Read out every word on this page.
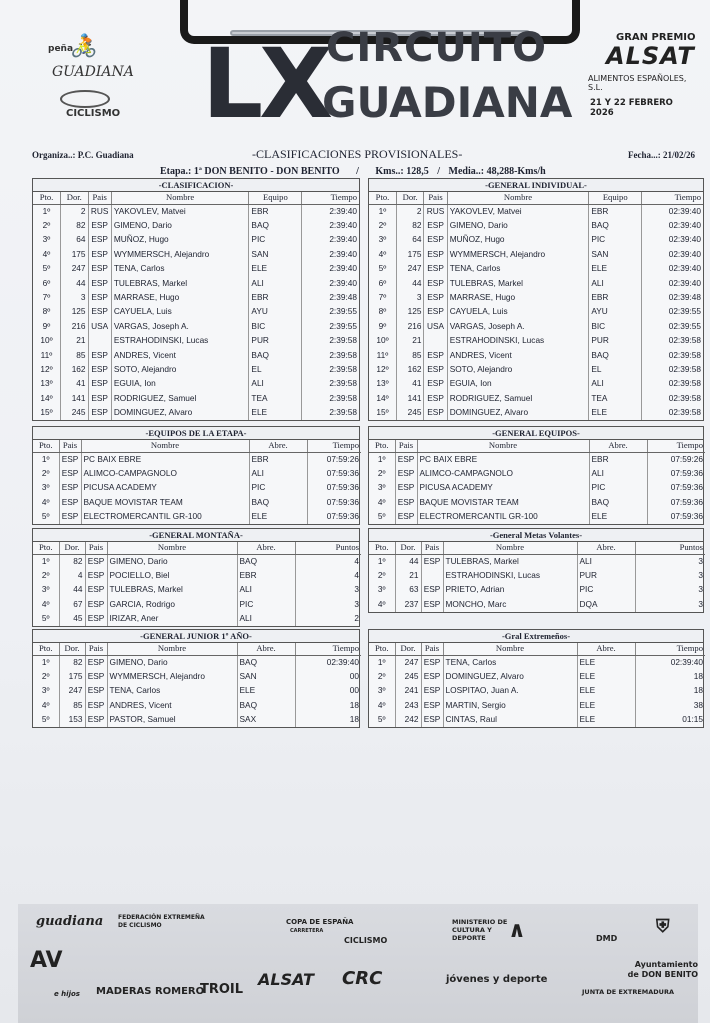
peña
🚴
GUADIANA
CICLISMO LX
CIRCUITO
GUADIANA
GRAN PREMIO
ALSAT
ALIMENTOS ESPAÑOLES, S.L.
21 Y 22 FEBRERO 2026
Organiza..: P.C. Guadiana	-CLASIFICACIONES PROVISIONALES-	Fecha...: 21/02/26
Etapa.: 1ª DON BENITO - DON BENITO / Kms..: 128,5 / Media..: 48,288-Kms/h
-CLASIFICACION-
Pto.	Dor.	Pais	Nombre	Equipo	Tiempo
1º	2	RUS	YAKOVLEV, Matvei	EBR	2:39:40
2º	82	ESP	GIMENO, Dario	BAQ	2:39:40
3º	64	ESP	MUÑOZ, Hugo	PIC	2:39:40
4º	175	ESP	WYMMERSCH, Alejandro	SAN	2:39:40
5º	247	ESP	TENA, Carlos	ELE	2:39:40
6º	44	ESP	TULEBRAS, Markel	ALI	2:39:40
7º	3	ESP	MARRASE, Hugo	EBR	2:39:48
8º	125	ESP	CAYUELA, Luis	AYU	2:39:55
9º	216	USA	VARGAS, Joseph A.	BIC	2:39:55
10º	21		ESTRAHODINSKI, Lucas	PUR	2:39:58
11º	85	ESP	ANDRES, Vicent	BAQ	2:39:58
12º	162	ESP	SOTO, Alejandro	EL	2:39:58
13º	41	ESP	EGUIA, Ion	ALI	2:39:58
14º	141	ESP	RODRIGUEZ, Samuel	TEA	2:39:58
15º	245	ESP	DOMINGUEZ, Alvaro	ELE	2:39:58
-GENERAL INDIVIDUAL-
Pto.	Dor.	Pais	Nombre	Equipo	Tiempo
1º	2	RUS	YAKOVLEV, Matvei	EBR	02:39:40
2º	82	ESP	GIMENO, Dario	BAQ	02:39:40
3º	64	ESP	MUÑOZ, Hugo	PIC	02:39:40
4º	175	ESP	WYMMERSCH, Alejandro	SAN	02:39:40
5º	247	ESP	TENA, Carlos	ELE	02:39:40
6º	44	ESP	TULEBRAS, Markel	ALI	02:39:40
7º	3	ESP	MARRASE, Hugo	EBR	02:39:48
8º	125	ESP	CAYUELA, Luis	AYU	02:39:55
9º	216	USA	VARGAS, Joseph A.	BIC	02:39:55
10º	21		ESTRAHODINSKI, Lucas	PUR	02:39:58
11º	85	ESP	ANDRES, Vicent	BAQ	02:39:58
12º	162	ESP	SOTO, Alejandro	EL	02:39:58
13º	41	ESP	EGUIA, Ion	ALI	02:39:58
14º	141	ESP	RODRIGUEZ, Samuel	TEA	02:39:58
15º	245	ESP	DOMINGUEZ, Alvaro	ELE	02:39:58
-EQUIPOS DE LA ETAPA-
Pto.	Pais	Nombre	Abre.	Tiempo
1º	ESP	PC BAIX EBRE	EBR	07:59:26
2º	ESP	ALIMCO-CAMPAGNOLO	ALI	07:59:36
3º	ESP	PICUSA ACADEMY	PIC	07:59:36
4º	ESP	BAQUE MOVISTAR TEAM	BAQ	07:59:36
5º	ESP	ELECTROMERCANTIL GR-100	ELE	07:59:36
-GENERAL EQUIPOS-
Pto.	Pais	Nombre	Abre.	Tiempo
1º	ESP	PC BAIX EBRE	EBR	07:59:26
2º	ESP	ALIMCO-CAMPAGNOLO	ALI	07:59:36
3º	ESP	PICUSA ACADEMY	PIC	07:59:36
4º	ESP	BAQUE MOVISTAR TEAM	BAQ	07:59:36
5º	ESP	ELECTROMERCANTIL GR-100	ELE	07:59:36
-GENERAL MONTAÑA-
Pto.	Dor.	Pais	Nombre	Abre.	Puntos
1º	82	ESP	GIMENO, Dario	BAQ	4
2º	4	ESP	POCIELLO, Biel	EBR	4
3º	44	ESP	TULEBRAS, Markel	ALI	3
4º	67	ESP	GARCIA, Rodrigo	PIC	3
5º	45	ESP	IRIZAR, Aner	ALI	2
-General Metas Volantes-
Pto.	Dor.	Pais	Nombre	Abre.	Puntos
1º	44	ESP	TULEBRAS, Markel	ALI	3
2º	21		ESTRAHODINSKI, Lucas	PUR	3
3º	63	ESP	PRIETO, Adrian	PIC	3
4º	237	ESP	MONCHO, Marc	DQA	3
-GENERAL JUNIOR 1º AÑO-
Pto.	Dor.	Pais	Nombre	Abre.	Tiempo
1º	82	ESP	GIMENO, Dario	BAQ	02:39:40
2º	175	ESP	WYMMERSCH, Alejandro	SAN	00
3º	247	ESP	TENA, Carlos	ELE	00
4º	85	ESP	ANDRES, Vicent	BAQ	18
5º	153	ESP	PASTOR, Samuel	SAX	18
-Gral Extremeños-
Pto.	Dor.	Pais	Nombre	Abre.	Tiempo
1º	247	ESP	TENA, Carlos	ELE	02:39:40
2º	245	ESP	DOMINGUEZ, Alvaro	ELE	18
3º	241	ESP	LOSPITAO, Juan A.	ELE	18
4º	243	ESP	MARTIN, Sergio	ELE	38
5º	242	ESP	CINTAS, Raul	ELE	01:15
guadiana FEDERACIÓN EXTREMEÑA DE CICLISMO	COPA DE ESPAÑA
CARRETERA
CICLISMO
MINISTERIO DE CULTURA Y DEPORTE	∧	DMD
⛨
AV
e hijos MADERAS ROMERO
TROIL
ALSAT CRC	jóvenes y deporte
JUNTA DE EXTREMADURA
Ayuntamiento de DON BENITO
